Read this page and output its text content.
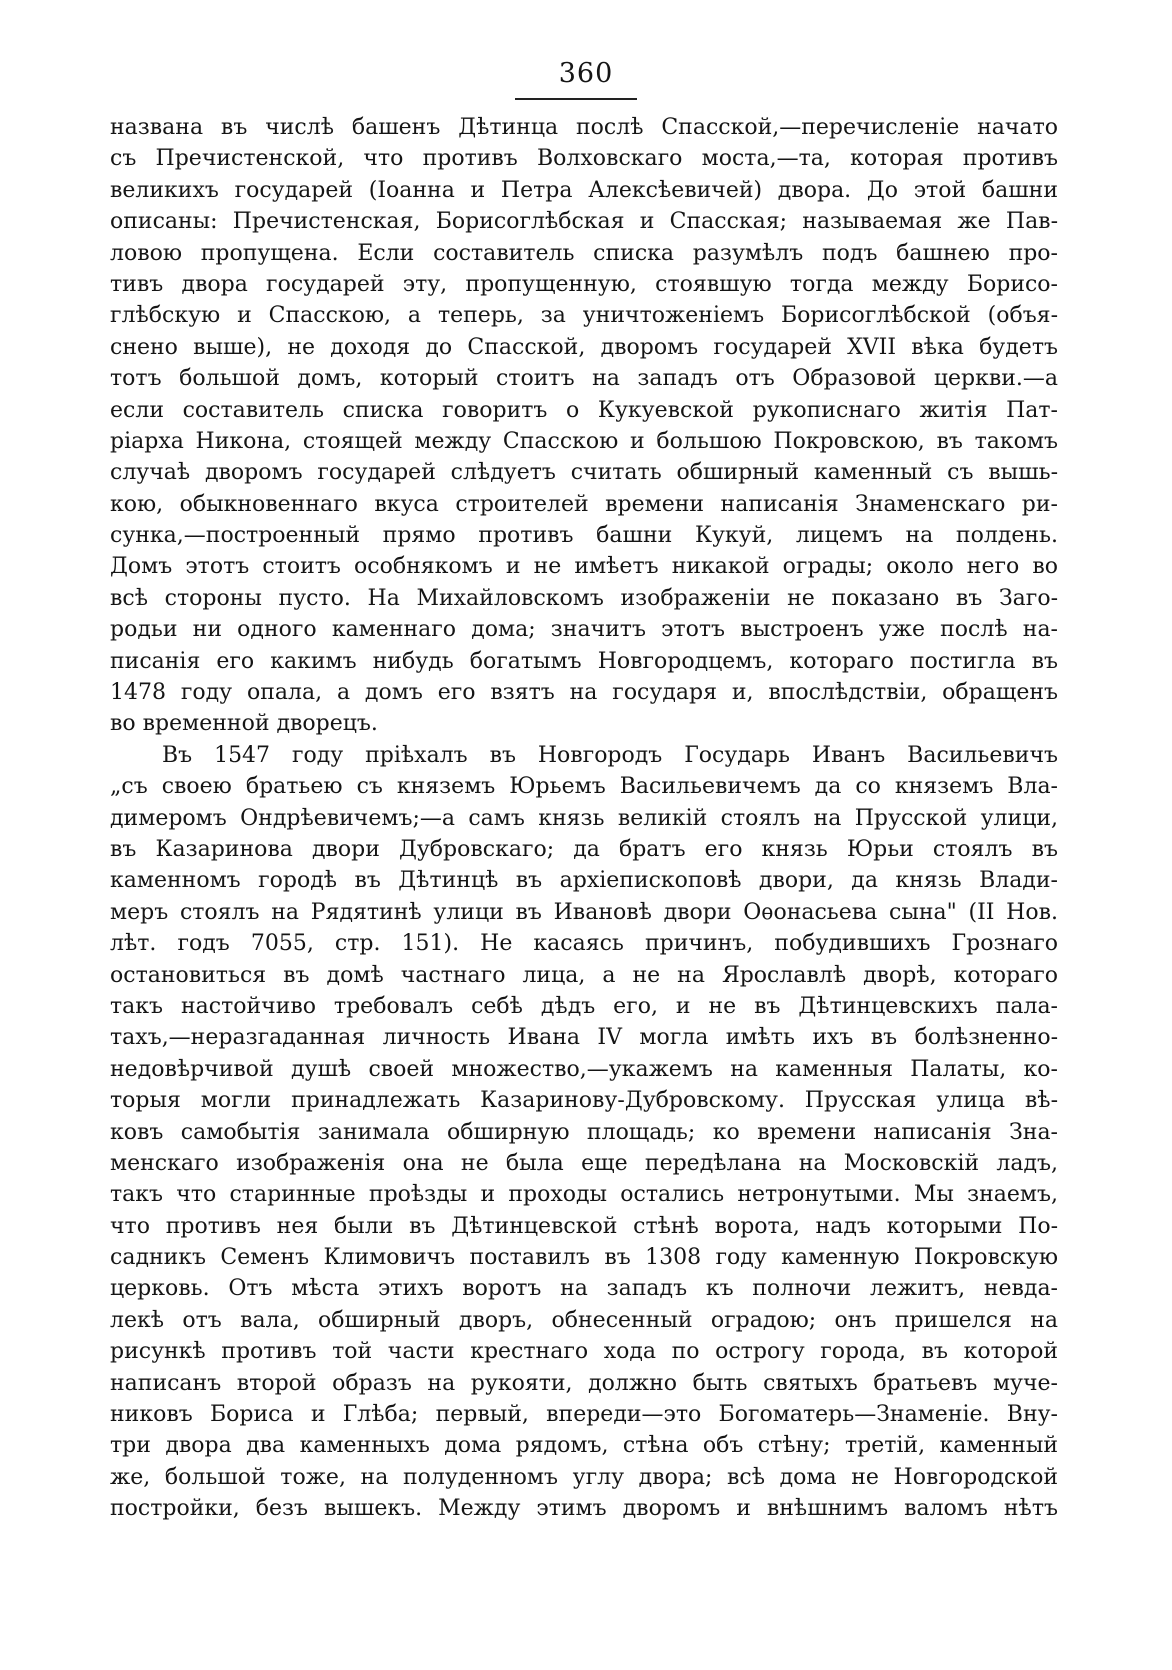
360
названа въ числѣ башенъ Дѣтинца послѣ Спасской,—перечисленіе начато
съ Пречистенской, что противъ Волховскаго моста,—та, которая противъ
великихъ государей (Іоанна и Петра Алексѣевичей) двора. До этой башни
описаны: Пречистенская, Борисоглѣбская и Спасская; называемая же Пав-
ловою пропущена. Если составитель списка разумѣлъ подъ башнею про-
тивъ двора государей эту, пропущенную, стоявшую тогда между Борисо-
глѣбскую и Спасскою, а теперь, за уничтоженіемъ Борисоглѣбской (объя-
снено выше), не доходя до Спасской, дворомъ государей XVII вѣка будетъ
тотъ большой домъ, который стоитъ на западъ отъ Образовой церкви.—а
если составитель списка говоритъ о Кукуевской рукописнаго житія Пат-
ріарха Никона, стоящей между Спасскою и большою Покровскою, въ такомъ
случаѣ дворомъ государей слѣдуетъ считать обширный каменный съ вышь-
кою, обыкновеннаго вкуса строителей времени написанія Знаменскаго ри-
сунка,—построенный прямо противъ башни Кукуй, лицемъ на полдень.
Домъ этотъ стоитъ особнякомъ и не имѣетъ никакой ограды; около него во
всѣ стороны пусто. На Михайловскомъ изображеніи не показано въ Заго-
родьи ни одного каменнаго дома; значитъ этотъ выстроенъ уже послѣ на-
писанія его какимъ нибудь богатымъ Новгородцемъ, котораго постигла въ
1478 году опала, а домъ его взятъ на государя и, впослѣдствіи, обращенъ
во временной дворецъ.
Въ 1547 году пріѣхалъ въ Новгородъ Государь Иванъ Васильевичъ
„съ своею братьею съ княземъ Юрьемъ Васильевичемъ да со княземъ Вла-
димеромъ Ондрѣевичемъ;—а самъ князь великій стоялъ на Прусской улици,
въ Казаринова двори Дубровскаго; да братъ его князь Юрьи стоялъ въ
каменномъ городѣ въ Дѣтинцѣ въ архіепископовѣ двори, да князь Влади-
меръ стоялъ на Рядятинѣ улици въ Ивановѣ двори Оѳонасьева сына" (II Нов.
лѣт. годъ 7055, стр. 151). Не касаясь причинъ, побудившихъ Грознаго
остановиться въ домѣ частнаго лица, а не на Ярославлѣ дворѣ, котораго
такъ настойчиво требовалъ себѣ дѣдъ его, и не въ Дѣтинцевскихъ пала-
тахъ,—неразгаданная личность Ивана IV могла имѣть ихъ въ болѣзненно-
недовѣрчивой душѣ своей множество,—укажемъ на каменныя Палаты, ко-
торыя могли принадлежать Казаринову-Дубровскому. Прусская улица вѣ-
ковъ самобытія занимала обширную площадь; ко времени написанія Зна-
менскаго изображенія она не была еще передѣлана на Московскій ладъ,
такъ что старинные проѣзды и проходы остались нетронутыми. Мы знаемъ,
что противъ нея были въ Дѣтинцевской стѣнѣ ворота, надъ которыми По-
садникъ Семенъ Климовичъ поставилъ въ 1308 году каменную Покровскую
церковь. Отъ мѣста этихъ воротъ на западъ къ полночи лежитъ, невда-
лекѣ отъ вала, обширный дворъ, обнесенный оградою; онъ пришелся на
рисункѣ противъ той части крестнаго хода по острогу города, въ которой
написанъ второй образъ на рукояти, должно быть святыхъ братьевъ муче-
никовъ Бориса и Глѣба; первый, впереди—это Богоматерь—Знаменіе. Вну-
три двора два каменныхъ дома рядомъ, стѣна объ стѣну; третій, каменный
же, большой тоже, на полуденномъ углу двора; всѣ дома не Новгородской
постройки, безъ вышекъ. Между этимъ дворомъ и внѣшнимъ валомъ нѣтъ
